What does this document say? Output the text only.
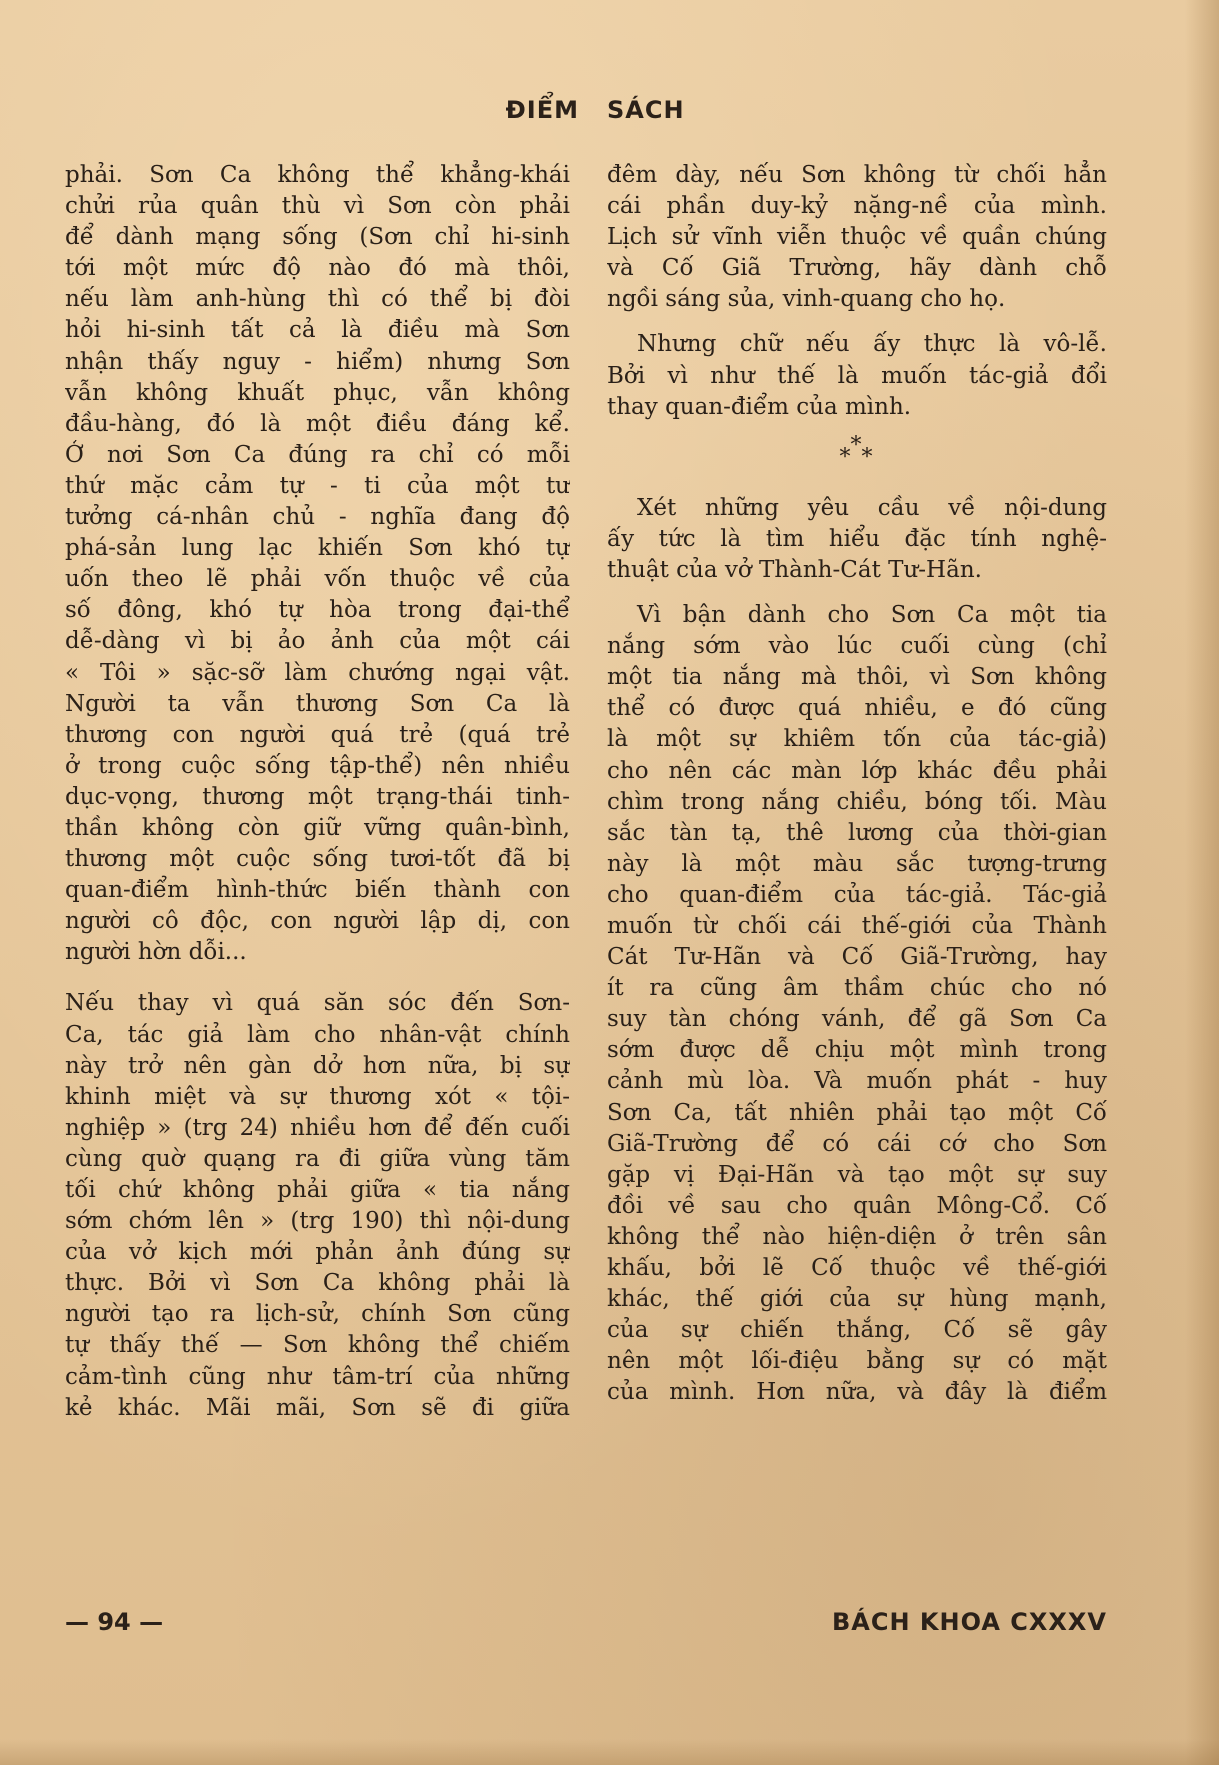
ĐIỂM SÁCH

phải. Sơn Ca không thể khẳng-khái
chửi rủa quân thù vì Sơn còn phải
để dành mạng sống (Sơn chỉ hi-sinh
tới một mức độ nào đó mà thôi,
nếu làm anh-hùng thì có thể bị đòi
hỏi hi-sinh tất cả là điều mà Sơn
nhận thấy nguy - hiểm) nhưng Sơn
vẫn không khuất phục, vẫn không
đầu-hàng, đó là một điều đáng kể.
Ở nơi Sơn Ca đúng ra chỉ có mỗi
thứ mặc cảm tự - ti của một tư
tưởng cá-nhân chủ - nghĩa đang độ
phá-sản lung lạc khiến Sơn khó tự
uốn theo lẽ phải vốn thuộc về của
số đông, khó tự hòa trong đại-thể
dễ-dàng vì bị ảo ảnh của một cái
« Tôi » sặc-sỡ làm chướng ngại vật.
Người ta vẫn thương Sơn Ca là
thương con người quá trẻ (quá trẻ
ở trong cuộc sống tập-thể) nên nhiều
dục-vọng, thương một trạng-thái tinh-
thần không còn giữ vững quân-bình,
thương một cuộc sống tươi-tốt đã bị
quan-điểm hình-thức biến thành con
người cô độc, con người lập dị, con
người hờn dỗi...

Nếu thay vì quá săn sóc đến Sơn-
Ca, tác giả làm cho nhân-vật chính
này trở nên gàn dở hơn nữa, bị sự
khinh miệt và sự thương xót « tội-
nghiệp » (trg 24) nhiều hơn để đến cuối
cùng quờ quạng ra đi giữa vùng tăm
tối chứ không phải giữa « tia nắng
sớm chớm lên » (trg 190) thì nội-dung
của vở kịch mới phản ảnh đúng sự
thực. Bởi vì Sơn Ca không phải là
người tạo ra lịch-sử, chính Sơn cũng
tự thấy thế — Sơn không thể chiếm
cảm-tình cũng như tâm-trí của những
kẻ khác. Mãi mãi, Sơn sẽ đi giữa

đêm dày, nếu Sơn không từ chối hẳn
cái phần duy-kỷ nặng-nề của mình.
Lịch sử vĩnh viễn thuộc về quần chúng
và Cố Giã Trường, hãy dành chỗ
ngồi sáng sủa, vinh-quang cho họ.

Nhưng chữ nếu ấy thực là vô-lễ.
Bởi vì như thế là muốn tác-giả đổi
thay quan-điểm của mình.

*
* *

Xét những yêu cầu về nội-dung
ấy tức là tìm hiểu đặc tính nghệ-
thuật của vở Thành-Cát Tư-Hãn.

Vì bận dành cho Sơn Ca một tia
nắng sớm vào lúc cuối cùng (chỉ
một tia nắng mà thôi, vì Sơn không
thể có được quá nhiều, e đó cũng
là một sự khiêm tốn của tác-giả)
cho nên các màn lớp khác đều phải
chìm trong nắng chiều, bóng tối. Màu
sắc tàn tạ, thê lương của thời-gian
này là một màu sắc tượng-trưng
cho quan-điểm của tác-giả. Tác-giả
muốn từ chối cái thế-giới của Thành
Cát Tư-Hãn và Cố Giã-Trường, hay
ít ra cũng âm thầm chúc cho nó
suy tàn chóng vánh, để gã Sơn Ca
sớm được dễ chịu một mình trong
cảnh mù lòa. Và muốn phát - huy
Sơn Ca, tất nhiên phải tạo một Cố
Giã-Trường để có cái cớ cho Sơn
gặp vị Đại-Hãn và tạo một sự suy
đồi về sau cho quân Mông-Cổ. Cố
không thể nào hiện-diện ở trên sân
khấu, bởi lẽ Cố thuộc về thế-giới
khác, thế giới của sự hùng mạnh,
của sự chiến thắng, Cố sẽ gây
nên một lối-điệu bằng sự có mặt
của mình. Hơn nữa, và đây là điểm

— 94 —	BÁCH KHOA CXXXV
